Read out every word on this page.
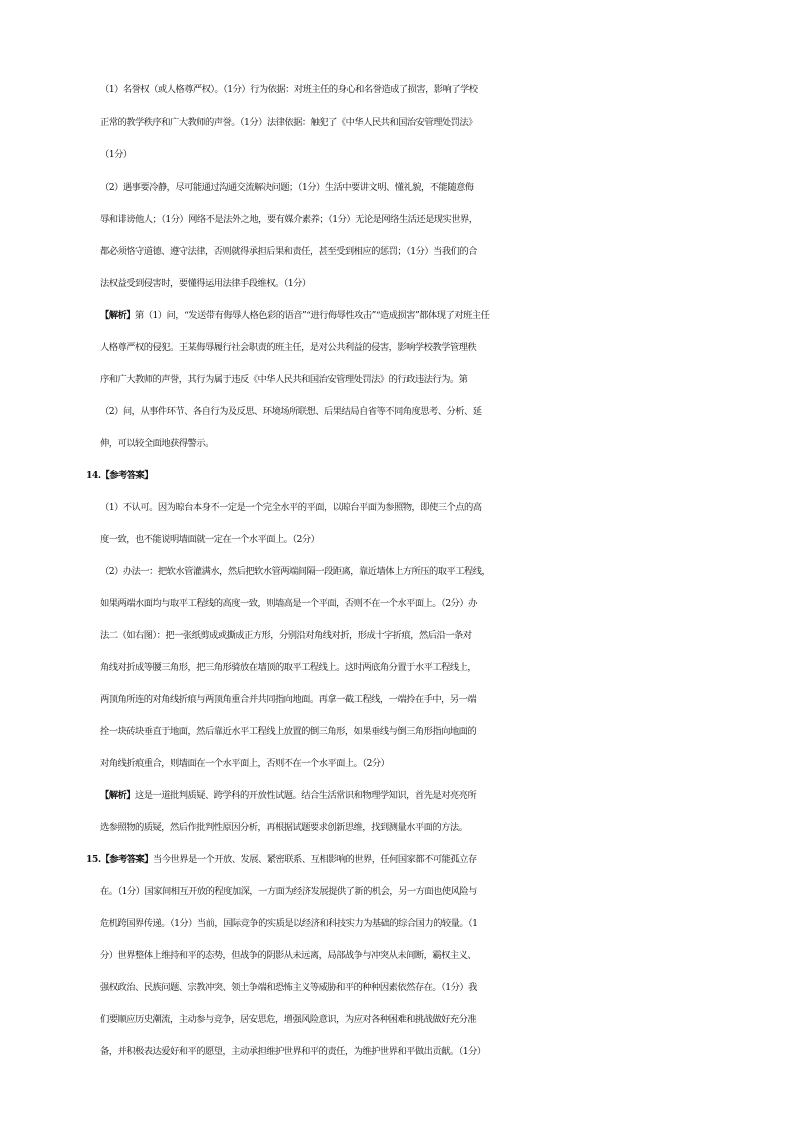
（1）名誉权（或人格尊严权）。（1分）行为依据：对班主任的身心和名誉造成了损害，影响了学校
正常的教学秩序和广大教师的声誉。（1分）法律依据：触犯了《中华人民共和国治安管理处罚法》
（1分）
（2）遇事要冷静，尽可能通过沟通交流解决问题；（1分）生活中要讲文明、懂礼貌，不能随意侮
辱和诽谤他人；（1分）网络不是法外之地，要有媒介素养；（1分）无论是网络生活还是现实世界，
都必须恪守道德、遵守法律，否则就得承担后果和责任，甚至受到相应的惩罚；（1分）当我们的合
法权益受到侵害时，要懂得运用法律手段维权。（1分）
【解析】第（1）问，“发送带有侮辱人格色彩的语音”“进行侮辱性攻击”“造成损害”都体现了对班主任
人格尊严权的侵犯。王某侮辱履行社会职责的班主任，是对公共利益的侵害，影响学校教学管理秩
序和广大教师的声誉，其行为属于违反《中华人民共和国治安管理处罚法》的行政违法行为。第
（2）问，从事件环节、各自行为及反思、环境场所联想、后果结局自省等不同角度思考、分析、延
伸，可以较全面地获得警示。
14.【参考答案】
（1）不认可。因为晾台本身不一定是一个完全水平的平面，以晾台平面为参照物，即使三个点的高
度一致，也不能说明墙面就一定在一个水平面上。（2分）
（2）办法一：把软水管灌满水，然后把软水管两端间隔一段距离，靠近墙体上方所压的取平工程线，
如果两端水面均与取平工程线的高度一致，则墙高是一个平面，否则不在一个水平面上。（2分）办
法二（如右图）：把一张纸剪成或撕成正方形，分别沿对角线对折，形成十字折痕，然后沿一条对
角线对折成等腰三角形，把三角形骑放在墙顶的取平工程线上。这时两底角分置于水平工程线上，
两顶角所连的对角线折痕与两顶角重合并共同指向地面。再拿一截工程线，一端拎在手中，另一端
拴一块砖块垂直于地面，然后靠近水平工程线上放置的倒三角形，如果垂线与倒三角形指向地面的
对角线折痕重合，则墙面在一个水平面上，否则不在一个水平面上。（2分）
【解析】这是一道批判质疑、跨学科的开放性试题。结合生活常识和物理学知识，首先是对亮亮所
选参照物的质疑，然后作批判性原因分析，再根据试题要求创新思维，找到测量水平面的方法。
15.【参考答案】当今世界是一个开放、发展、紧密联系、互相影响的世界，任何国家都不可能孤立存
在。（1分）国家间相互开放的程度加深，一方面为经济发展提供了新的机会，另一方面也使风险与
危机跨国界传递。（1分）当前，国际竞争的实质是以经济和科技实力为基础的综合国力的较量。（1
分）世界整体上维持和平的态势，但战争的阴影从未远离，局部战争与冲突从未间断，霸权主义、
强权政治、民族问题、宗教冲突、领土争端和恐怖主义等威胁和平的种种因素依然存在。（1分）我
们要顺应历史潮流，主动参与竞争，居安思危，增强风险意识，为应对各种困难和挑战做好充分准
备，并积极表达爱好和平的愿望，主动承担维护世界和平的责任，为维护世界和平做出贡献。（1分）
